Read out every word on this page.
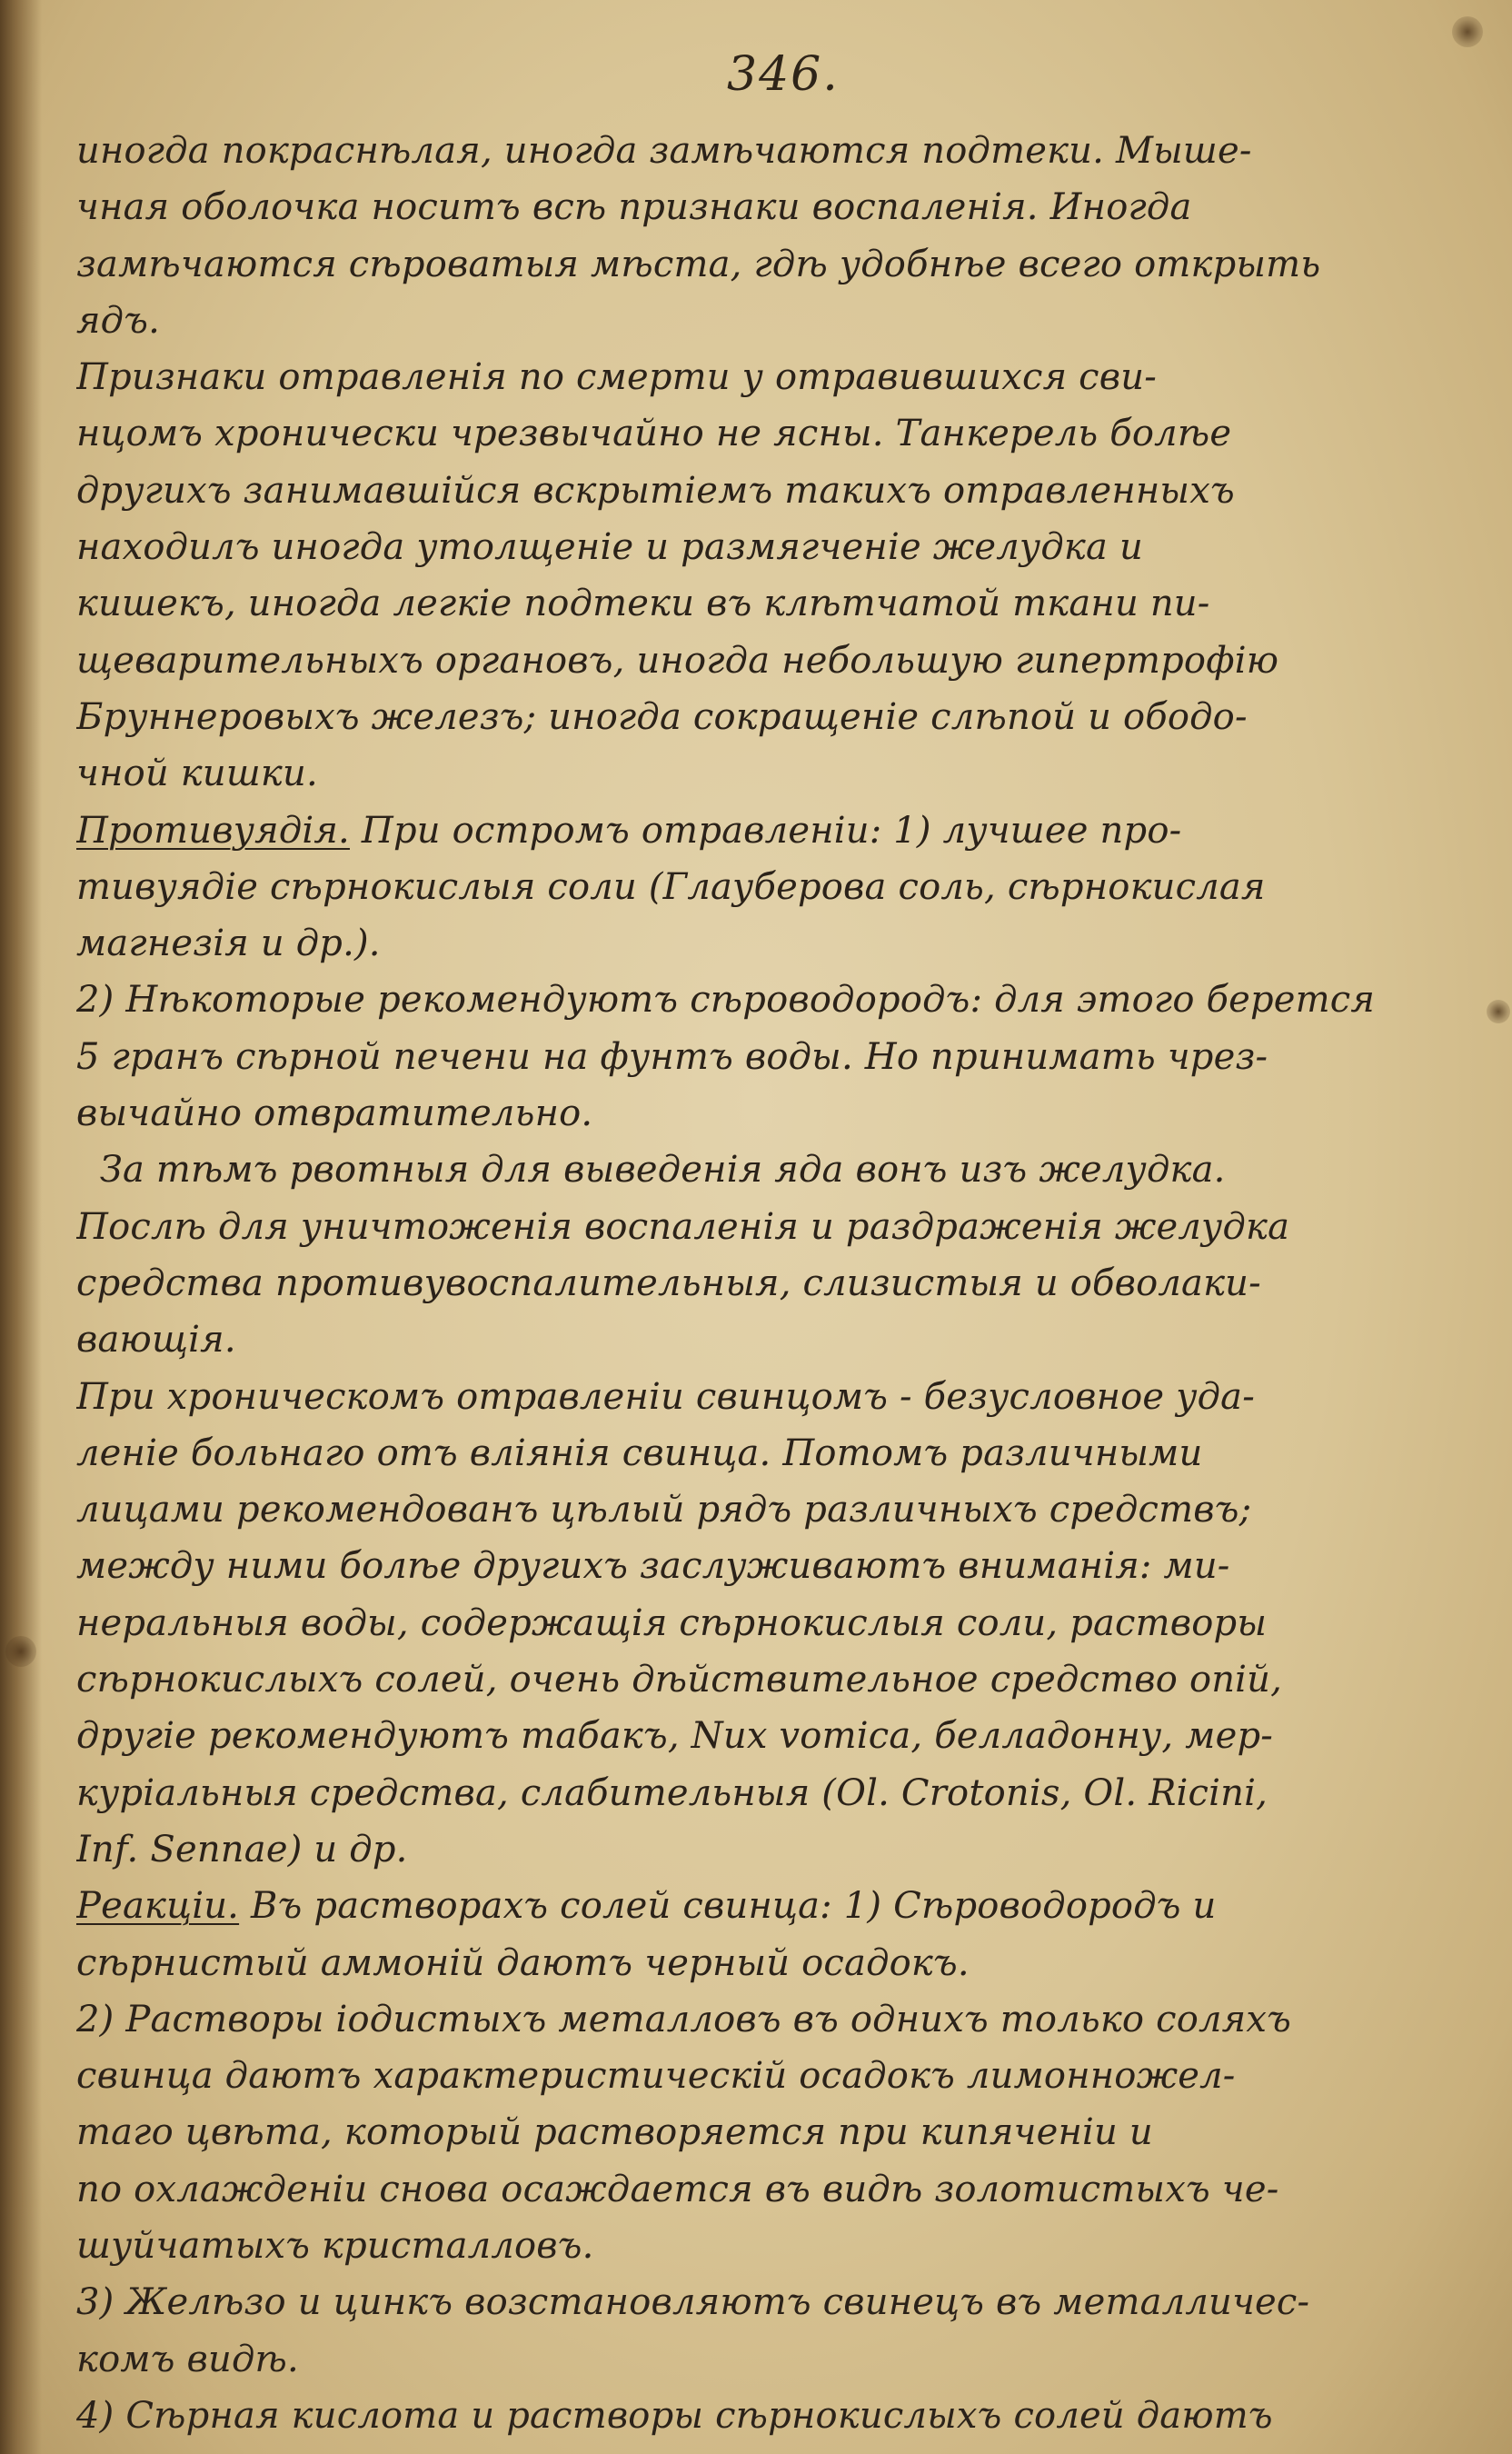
346.
иногда покраснѣлая, иногда замѣчаютcя подтеки. Мыше-
чная оболочка носитъ всѣ признаки воспаленія. Иногда
замѣчаются сѣроватыя мѣста, гдѣ удобнѣе всего открыть
ядъ.
Признаки отравленія по смерти у отравившихся сви-
нцомъ хронически чрезвычайно не ясны. Танкерель болѣе
другихъ занимавшійся вскрытіемъ такихъ отравленныхъ
находилъ иногда утолщеніе и размягченіе желудка и
кишекъ, иногда легкіе подтеки въ клѣтчатой ткани пи-
щеварительныхъ органовъ, иногда небольшую гипертрофію
Бруннеровыхъ железъ; иногда сокращеніе слѣпой и ободо-
чной кишки.
Противуядія. При остромъ отравленіи: 1) лучшее про-
тивуядіе сѣрнокислыя соли (Глауберова соль, сѣрнокислая
магнезія и др.).
2) Нѣкоторые рекомендуютъ сѣроводородъ: для этого берется
5 гранъ сѣрной печени на фунтъ воды. Но принимать чрез-
вычайно отвратительно.
За тѣмъ рвотныя для выведенія яда вонъ изъ желудка.
Послѣ для уничтоженія воспаленія и раздраженія желудка
средства противувоспалительныя, слизистыя и обволаки-
вающія.
При хроническомъ отравленіи свинцомъ - безусловное уда-
леніе больнаго отъ вліянія свинца. Потомъ различными
лицами рекомендованъ цѣлый рядъ различныхъ средствъ;
между ними болѣе другихъ заслуживаютъ вниманія: ми-
неральныя воды, содержащія сѣрнокислыя соли, растворы
сѣрнокислыхъ солей, очень дѣйствительное средство опій,
другіе рекомендуютъ табакъ, Nux vomica, белладонну, мер-
куріальныя средства, слабительныя (Ol. Crotonis, Ol. Ricini,
Inf. Sennae) и др.
Реакціи. Въ растворахъ солей свинца: 1) Сѣроводородъ и
сѣрнистый аммоній даютъ черный осадокъ.
2) Растворы іодистыхъ металловъ въ однихъ только соляхъ
свинца даютъ характеристическій осадокъ лимонножел-
таго цвѣта, который растворяется при кипяченіи и
по охлажденіи снова осаждается въ видѣ золотистыхъ че-
шуйчатыхъ кристалловъ.
3) Желѣзо и цинкъ возстановляютъ свинецъ въ металличес-
комъ видѣ.
4) Сѣрная кислота и растворы сѣрнокислыхъ солей даютъ
